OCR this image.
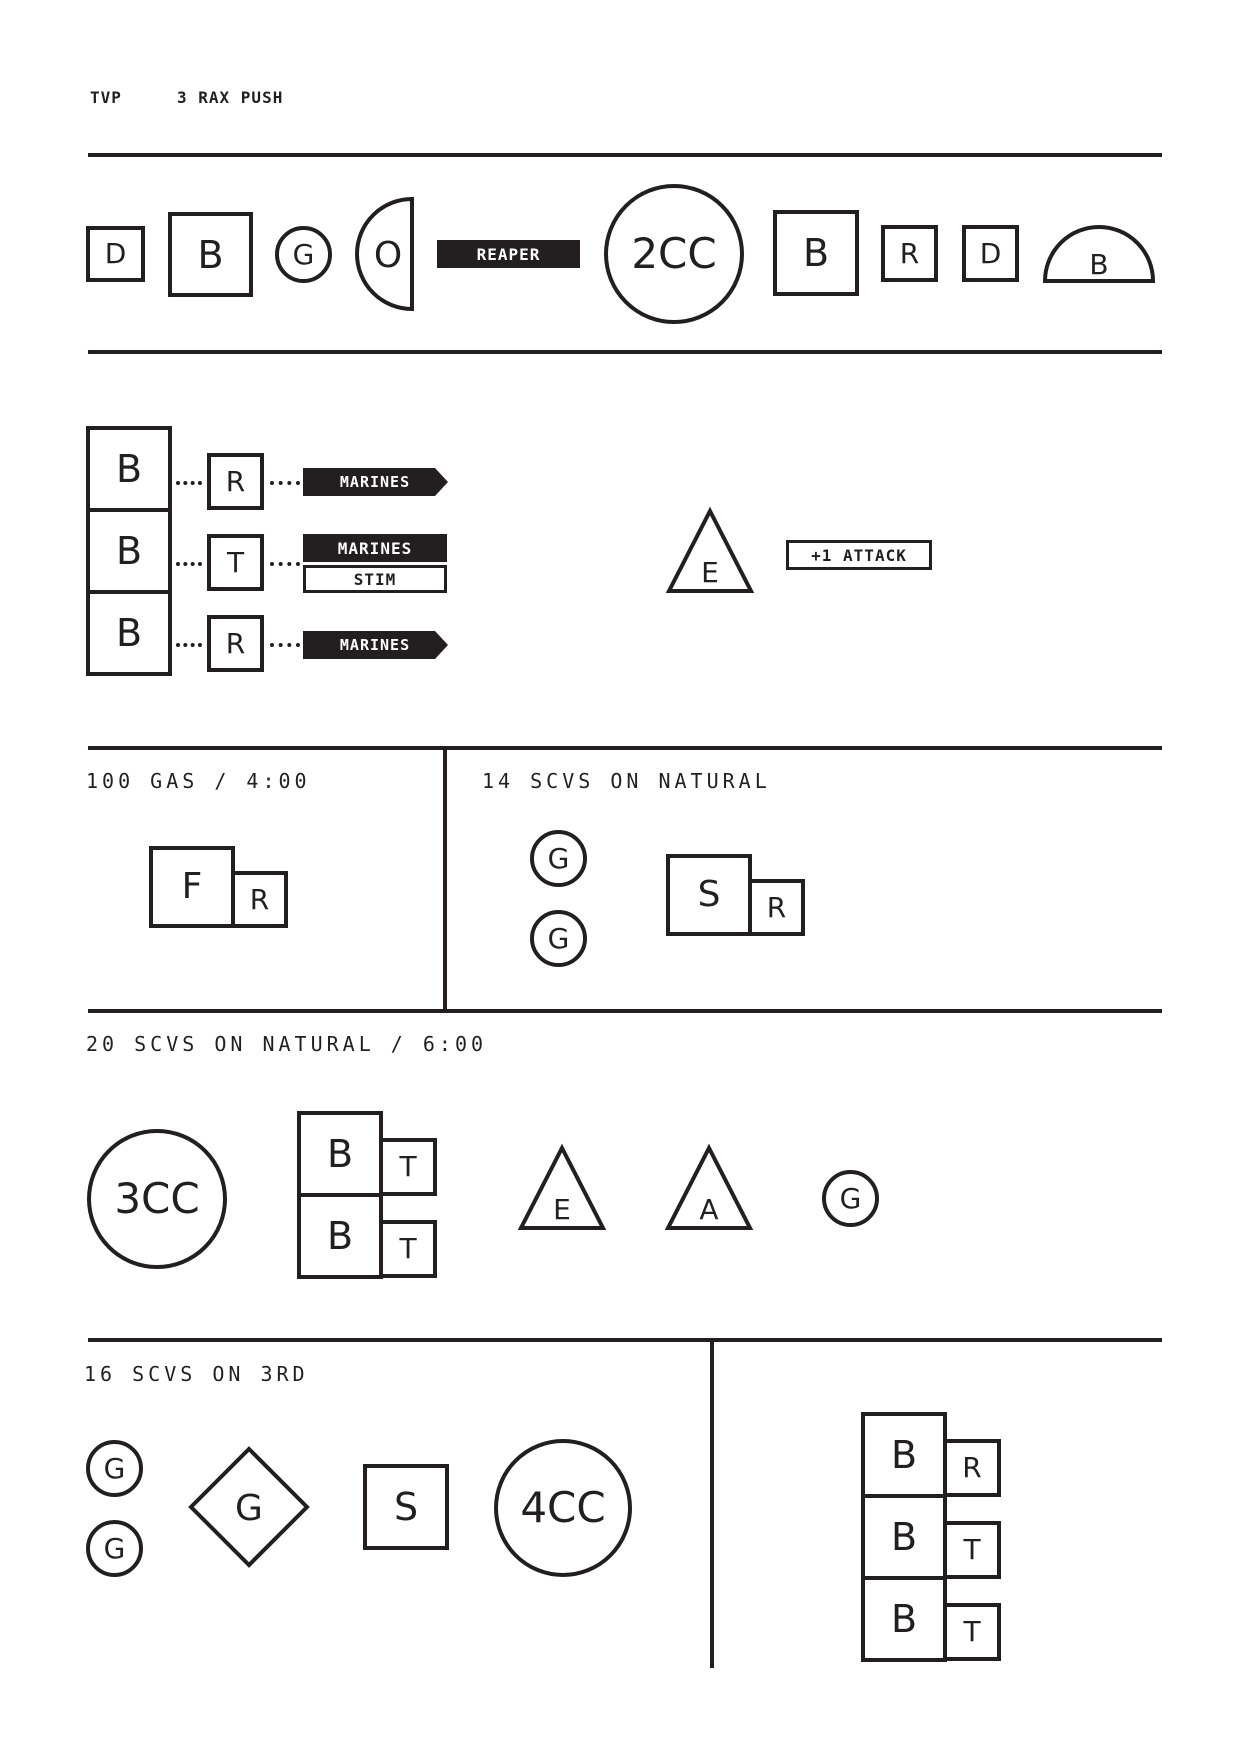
TVP	3 RAX PUSH
D B G O	REAPER	2CC B	R D	B
B
B
B
R
T
R
MARINES
MARINES
STIM
MARINES
E
+1 ATTACK
100 GAS / 4:00
F R
14 SCVS ON NATURAL
G
G
S R
20 SCVS ON NATURAL / 6:00
3CC
B
B
T
T
E	A	G
16 SCVS ON 3RD
G
G
G	S 4CC
B
B
B
R
T
T
